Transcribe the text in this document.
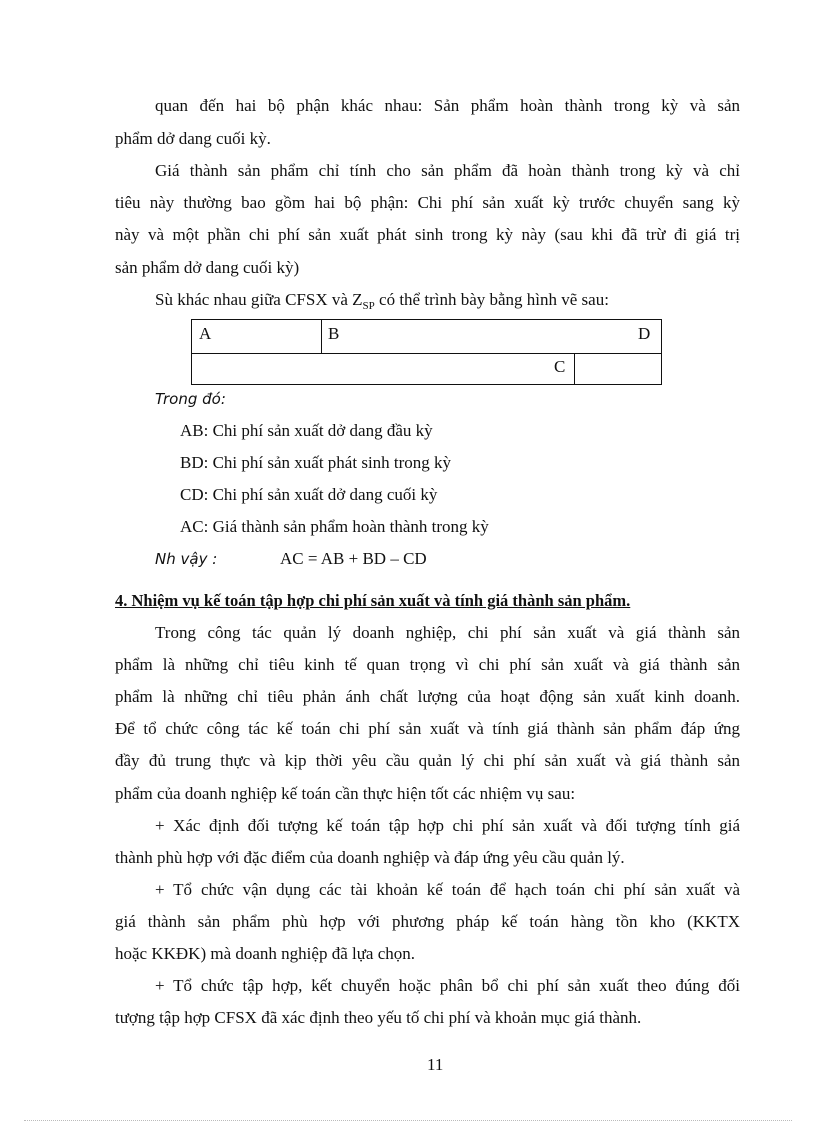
quan đến hai bộ phận khác nhau: Sản phẩm hoàn thành trong kỳ và sản
phẩm dở dang cuối kỳ.
Giá thành sản phẩm chỉ tính cho sản phẩm đã hoàn thành trong kỳ và chỉ
tiêu này thường bao gồm hai bộ phận: Chi phí sản xuất kỳ trước chuyển sang kỳ
này và một phần chi phí sản xuất phát sinh trong kỳ này (sau khi đã trừ đi giá trị
sản phẩm dở dang cuối kỳ)
Sù khác nhau giữa CFSX và $Z_{SP}$ có thể trình bày bằng hình vẽ sau:
A	B	D
C
Trong đó:
AB: Chi phí sản xuất dở dang đầu kỳ
BD: Chi phí sản xuất phát sinh trong kỳ
CD: Chi phí sản xuất dở dang cuối kỳ
AC: Giá thành sản phẩm hoàn thành trong kỳ
Nh vậy :	AC = AB + BD – CD
4. Nhiệm vụ kế toán tập hợp chi phí sản xuất và tính giá thành sản phẩm.
Trong công tác quản lý doanh nghiệp, chi phí sản xuất và giá thành sản
phẩm là những chỉ tiêu kinh tế quan trọng vì chi phí sản xuất và giá thành sản
phẩm là những chỉ tiêu phản ánh chất lượng của hoạt động sản xuất kinh doanh.
Để tổ chức công tác kế toán chi phí sản xuất và tính giá thành sản phẩm đáp ứng
đầy đủ trung thực và kịp thời yêu cầu quản lý chi phí sản xuất và giá thành sản
phẩm của doanh nghiệp kế toán cần thực hiện tốt các nhiệm vụ sau:
+ Xác định đối tượng kế toán tập hợp chi phí sản xuất và đối tượng tính giá
thành phù hợp với đặc điểm của doanh nghiệp và đáp ứng yêu cầu quản lý.
+ Tổ chức vận dụng các tài khoản kế toán để hạch toán chi phí sản xuất và
giá thành sản phẩm phù hợp với phương pháp kế toán hàng tồn kho (KKTX
hoặc KKĐK) mà doanh nghiệp đã lựa chọn.
+ Tổ chức tập hợp, kết chuyển hoặc phân bổ chi phí sản xuất theo đúng đối
tượng tập hợp CFSX đã xác định theo yếu tố chi phí và khoản mục giá thành.
11
